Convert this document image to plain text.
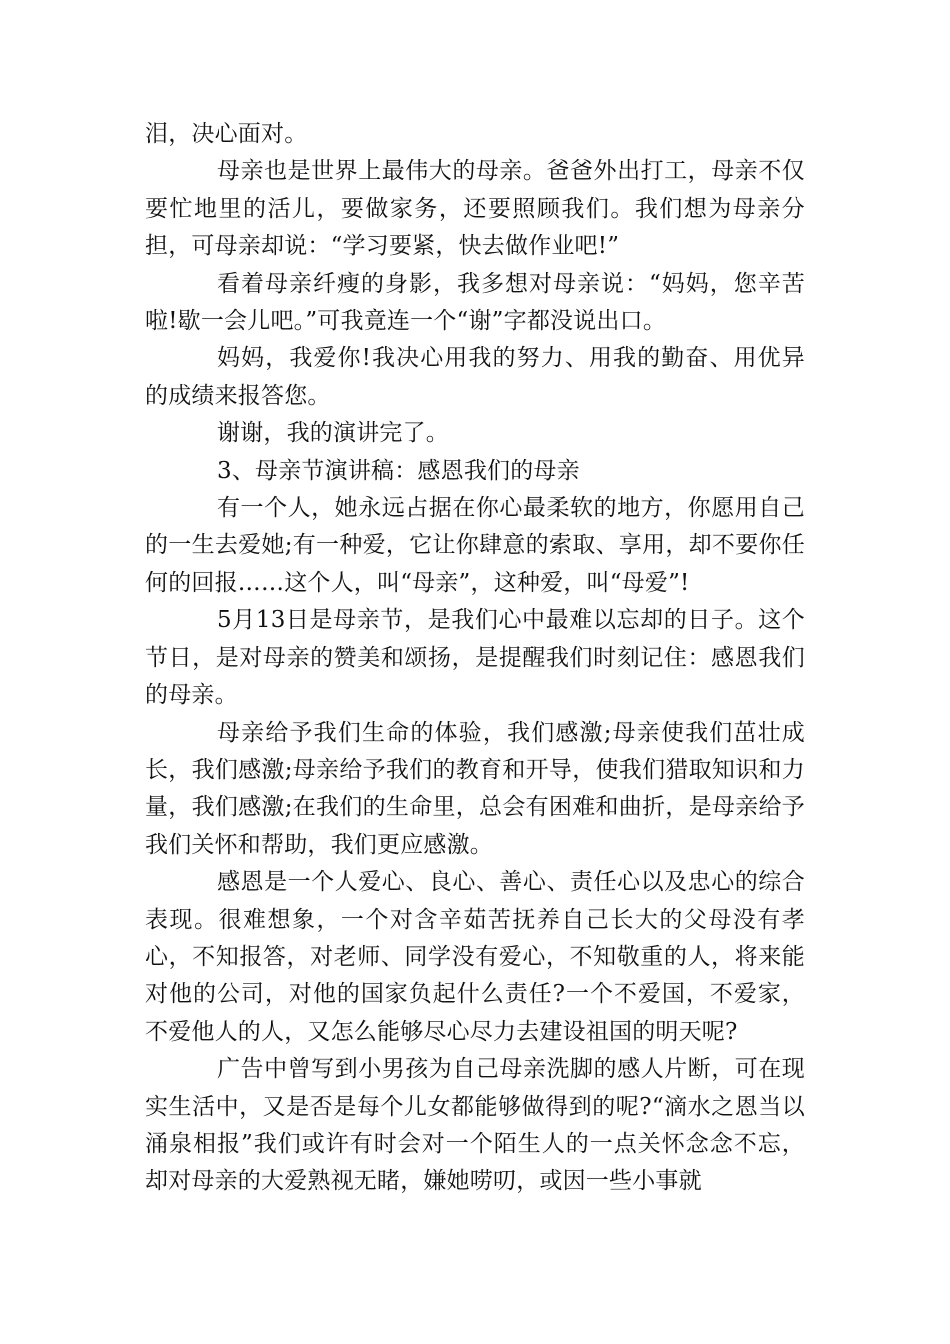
泪，决心面对。

母亲也是世界上最伟大的母亲。爸爸外出打工，母亲不仅要忙地里的活儿，要做家务，还要照顾我们。我们想为母亲分担，可母亲却说：“学习要紧，快去做作业吧!”

看着母亲纤瘦的身影，我多想对母亲说：“妈妈，您辛苦啦!歇一会儿吧。”可我竟连一个“谢”字都没说出口。

妈妈，我爱你!我决心用我的努力、用我的勤奋、用优异的成绩来报答您。

谢谢，我的演讲完了。

3、母亲节演讲稿：感恩我们的母亲

有一个人，她永远占据在你心最柔软的地方，你愿用自己的一生去爱她;有一种爱，它让你肆意的索取、享用，却不要你任何的回报……这个人，叫“母亲”，这种爱，叫“母爱”!

5月13日是母亲节，是我们心中最难以忘却的日子。这个节日，是对母亲的赞美和颂扬，是提醒我们时刻记住：感恩我们的母亲。

母亲给予我们生命的体验，我们感激;母亲使我们茁壮成长，我们感激;母亲给予我们的教育和开导，使我们猎取知识和力量，我们感激;在我们的生命里，总会有困难和曲折，是母亲给予我们关怀和帮助，我们更应感激。

感恩是一个人爱心、良心、善心、责任心以及忠心的综合表现。很难想象，一个对含辛茹苦抚养自己长大的父母没有孝心，不知报答，对老师、同学没有爱心，不知敬重的人，将来能对他的公司，对他的国家负起什么责任?一个不爱国，不爱家，不爱他人的人，又怎么能够尽心尽力去建设祖国的明天呢?

广告中曾写到小男孩为自己母亲洗脚的感人片断，可在现实生活中，又是否是每个儿女都能够做得到的呢?“滴水之恩当以涌泉相报”我们或许有时会对一个陌生人的一点关怀念念不忘，却对母亲的大爱熟视无睹，嫌她唠叨，或因一些小事就
